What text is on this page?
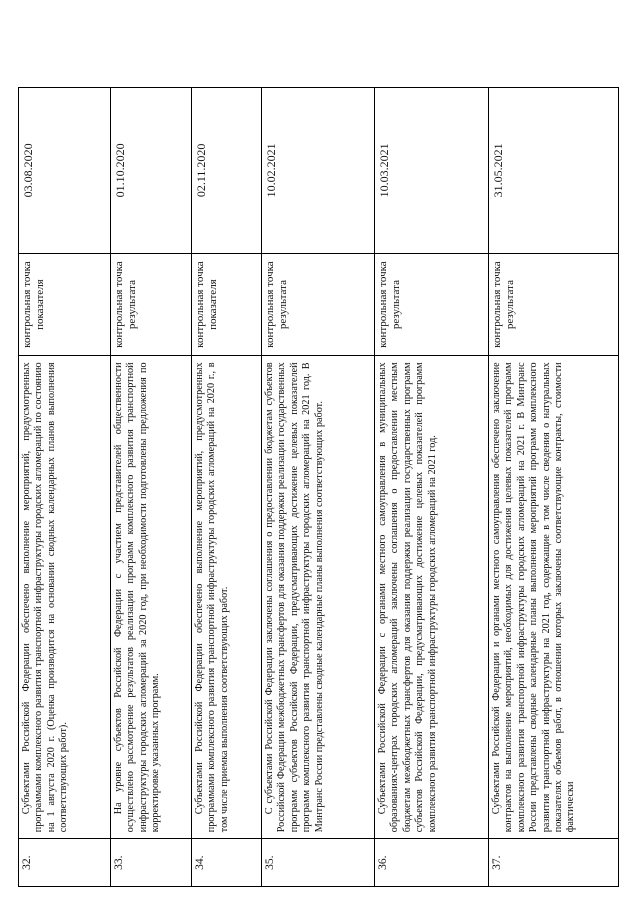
32.	Субъектами Российской Федерации обеспечено выполнение мероприятий, предусмотренных программами комплексного развития транспортной инфраструктуры городских агломераций по состоянию на 1 августа 2020 г. (Оценка производится на основании сводных календарных планов выполнения соответствующих работ).	контрольная точка показателя	03.08.2020
33.	На уровне субъектов Российской Федерации с участием представителей общественности осуществлено рассмотрение результатов реализации программ комплексного развития транспортной инфраструктуры городских агломераций за 2020 год, при необходимости подготовлены предложения по корректировке указанных программ.	контрольная точка результата	01.10.2020
34.	Субъектами Российской Федерации обеспечено выполнение мероприятий, предусмотренных программами комплексного развития транспортной инфраструктуры городских агломераций на 2020 г., в том числе приемка выполнения соответствующих работ.	контрольная точка показателя	02.11.2020
35.	С субъектами Российской Федерации заключены соглашения о предоставлении бюджетам субъектов Российской Федерации межбюджетных трансфертов для оказания поддержки реализации государственных программ субъектов Российской Федерации, предусматривающих достижение целевых показателей программ комплексного развития транспортной инфраструктуры городских агломераций на 2021 год. В Минтранс России представлены сводные календарные планы выполнения соответствующих работ.	контрольная точка результата	10.02.2021
36.	Субъектами Российской Федерации с органами местного самоуправления в муниципальных образованиях-центрах городских агломераций заключены соглашения о предоставлении местным бюджетам межбюджетных трансфертов для оказания поддержки реализации государственных программ субъектов Российской Федерации, предусматривающих достижение целевых показателей программ комплексного развития транспортной инфраструктуры городских агломераций на 2021 год.	контрольная точка результата	10.03.2021
37.	Субъектами Российской Федерации и органами местного самоуправления обеспечено заключение контрактов на выполнение мероприятий, необходимых для достижения целевых показателей программ комплексного развития транспортной инфраструктуры городских агломераций на 2021 г. В Минтранс России представлены сводные календарные планы выполнения мероприятий программ комплексного развития транспортной инфраструктуры на 2021 год, содержащие в том числе сведения о натуральных показателях объемов работ, в отношении которых заключены соответствующие контракты, стоимости фактически	контрольная точка результата	31.05.2021
